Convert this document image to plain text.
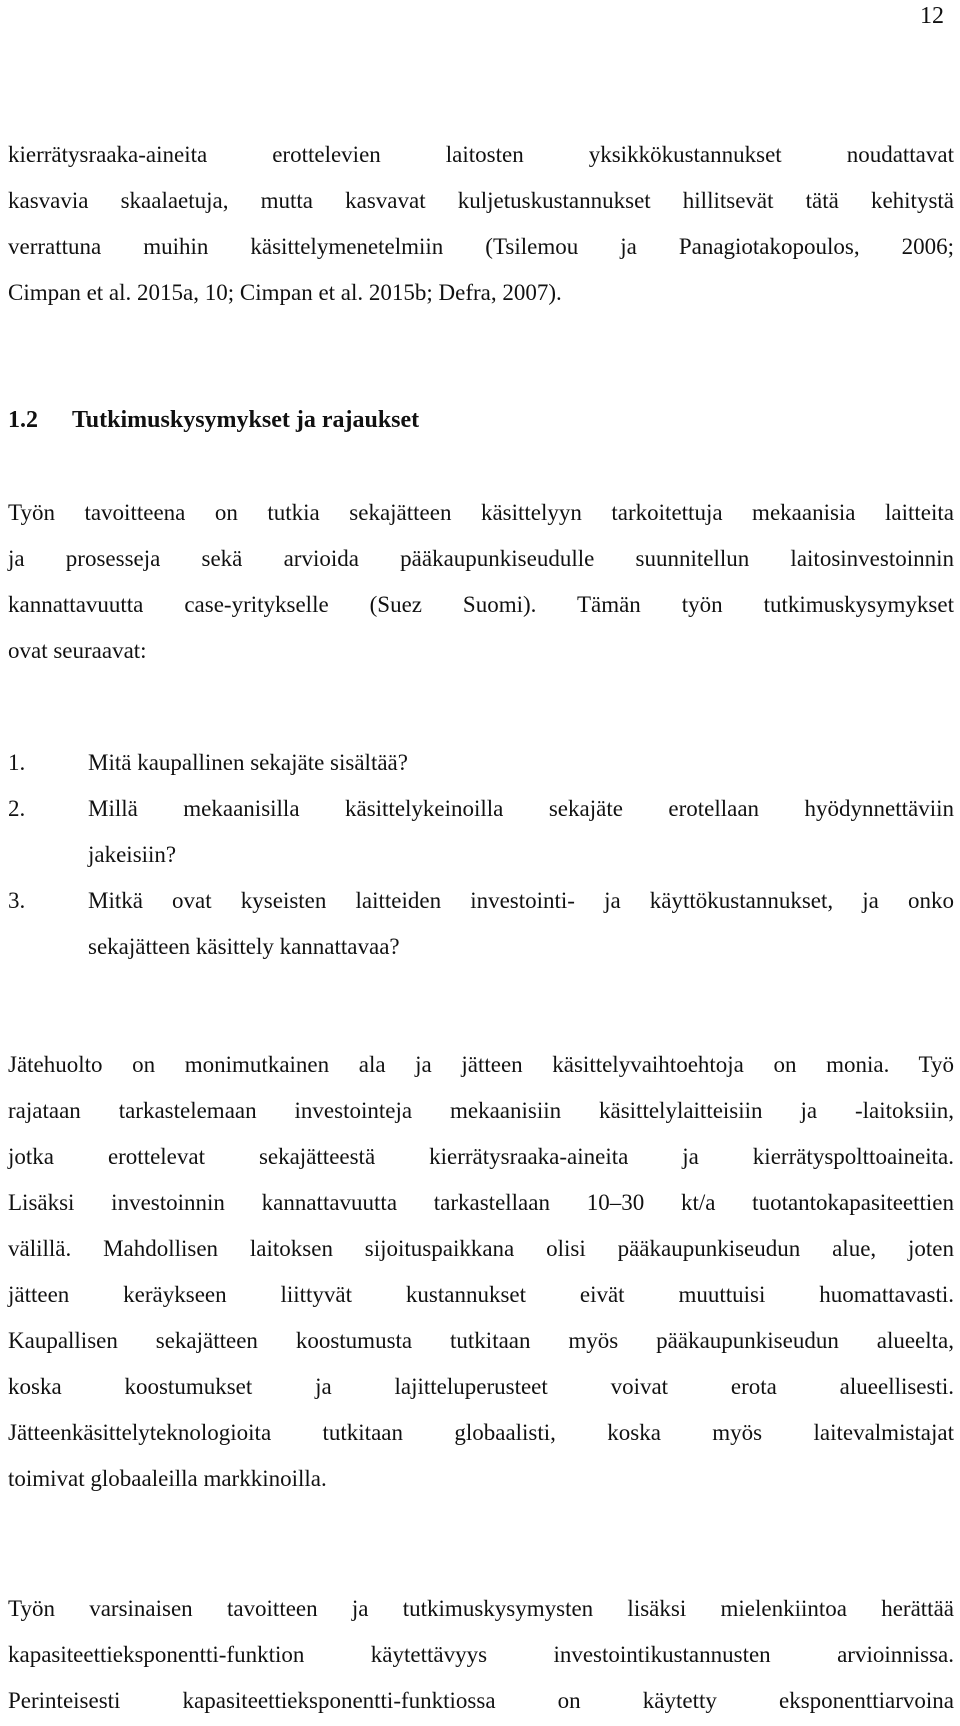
12
kierrätysraaka-aineita erottelevien laitosten yksikkökustannukset noudattavat
kasvavia skaalaetuja, mutta kasvavat kuljetuskustannukset hillitsevät tätä kehitystä
verrattuna muihin käsittelymenetelmiin (Tsilemou ja Panagiotakopoulos, 2006;
Cimpan et al. 2015a, 10; Cimpan et al. 2015b; Defra, 2007).
1.2 Tutkimuskysymykset ja rajaukset
Työn tavoitteena on tutkia sekajätteen käsittelyyn tarkoitettuja mekaanisia laitteita
ja prosesseja sekä arvioida pääkaupunkiseudulle suunnitellun laitosinvestoinnin
kannattavuutta case-yritykselle (Suez Suomi). Tämän työn tutkimuskysymykset
ovat seuraavat:
1.	Mitä kaupallinen sekajäte sisältää?
2.	Millä mekaanisilla käsittelykeinoilla sekajäte erotellaan hyödynnettäviin
jakeisiin?
3.	Mitkä ovat kyseisten laitteiden investointi- ja käyttökustannukset, ja onko
sekajätteen käsittely kannattavaa?
Jätehuolto on monimutkainen ala ja jätteen käsittelyvaihtoehtoja on monia. Työ
rajataan tarkastelemaan investointeja mekaanisiin käsittelylaitteisiin ja -laitoksiin,
jotka erottelevat sekajätteestä kierrätysraaka-aineita ja kierrätyspolttoaineita.
Lisäksi investoinnin kannattavuutta tarkastellaan 10–30 kt/a tuotantokapasiteettien
välillä. Mahdollisen laitoksen sijoituspaikkana olisi pääkaupunkiseudun alue, joten
jätteen keräykseen liittyvät kustannukset eivät muuttuisi huomattavasti.
Kaupallisen sekajätteen koostumusta tutkitaan myös pääkaupunkiseudun alueelta,
koska koostumukset ja lajitteluperusteet voivat erota alueellisesti.
Jätteenkäsittelyteknologioita tutkitaan globaalisti, koska myös laitevalmistajat
toimivat globaaleilla markkinoilla.
Työn varsinaisen tavoitteen ja tutkimuskysymysten lisäksi mielenkiintoa herättää
kapasiteettieksponentti-funktion käytettävyys investointikustannusten arvioinnissa.
Perinteisesti kapasiteettieksponentti-funktiossa on käytetty eksponenttiarvoina
